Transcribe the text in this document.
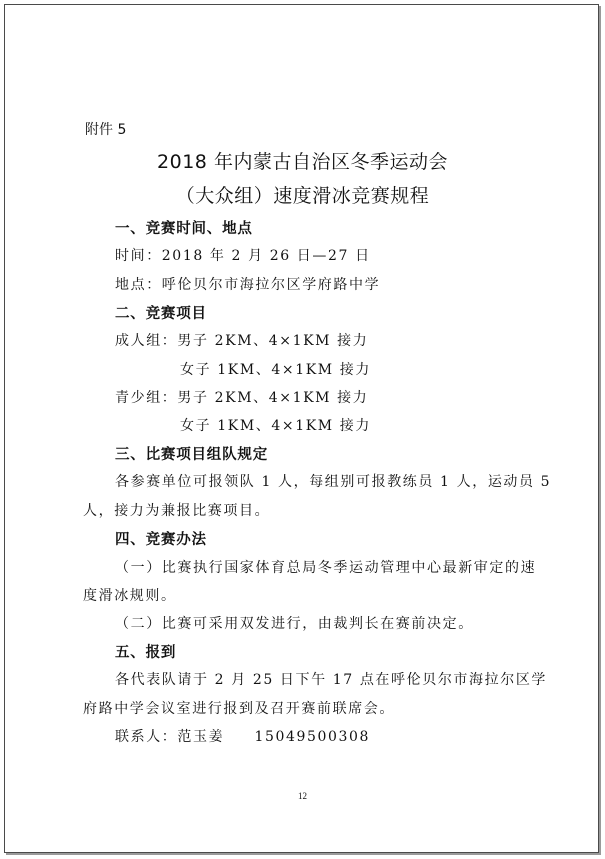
附件 5
2018 年内蒙古自治区冬季运动会
（大众组）速度滑冰竞赛规程
一、竞赛时间、地点
时间：2018 年 2 月 26 日—27 日
地点：呼伦贝尔市海拉尔区学府路中学
二、竞赛项目
成人组：男子 2KM、4×1KM 接力
女子 1KM、4×1KM 接力
青少组：男子 2KM、4×1KM 接力
女子 1KM、4×1KM 接力
三、比赛项目组队规定
各参赛单位可报领队 1 人，每组别可报教练员 1 人，运动员 5
人，接力为兼报比赛项目。
四、竞赛办法
（一）比赛执行国家体育总局冬季运动管理中心最新审定的速
度滑冰规则。
（二）比赛可采用双发进行，由裁判长在赛前决定。
五、报到
各代表队请于 2 月 25 日下午 17 点在呼伦贝尔市海拉尔区学
府路中学会议室进行报到及召开赛前联席会。
联系人：范玉姜     15049500308
12
